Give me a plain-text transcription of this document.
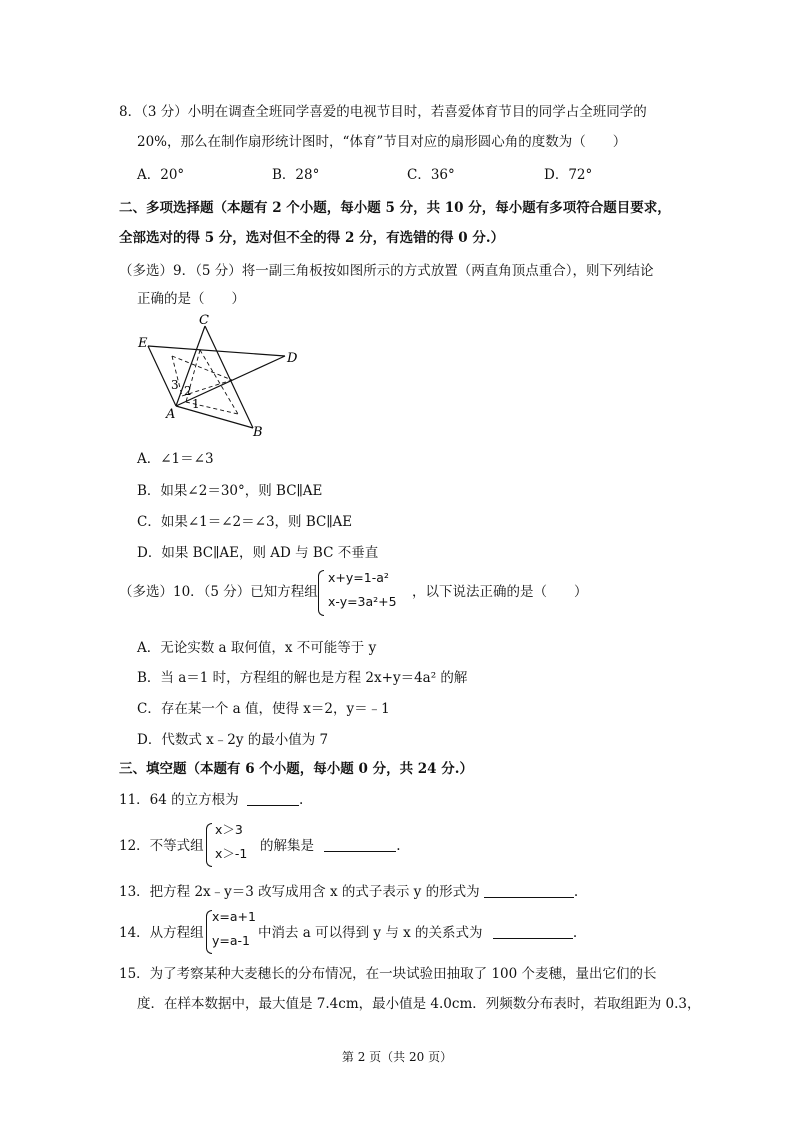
8．（3 分）小明在调查全班同学喜爱的电视节目时，若喜爱体育节目的同学占全班同学的
20%，那么在制作扇形统计图时，“体育”节目对应的扇形圆心角的度数为（　　）
A．20°	B．28°	C．36°	D．72°
二、多项选择题（本题有 2 个小题，每小题 5 分，共 10 分，每小题有多项符合题目要求，
全部选对的得 5 分，选对但不全的得 2 分，有选错的得 0 分.）
（多选）9．（5 分）将一副三角板按如图所示的方式放置（两直角顶点重合），则下列结论
正确的是（　　）
C
E
D
A
B
3 2
1
A．∠1＝∠3
B．如果∠2＝30°，则 BC∥AE
C．如果∠1＝∠2＝∠3，则 BC∥AE
D．如果 BC∥AE，则 AD 与 BC 不垂直
（多选）10．（5 分）已知方程组
x+y=1-a²
x-y=3a²+5
，以下说法正确的是（　　）
A．无论实数 a 取何值，x 不可能等于 y
B．当 a＝1 时，方程组的解也是方程 2x+y＝4a² 的解
C．存在某一个 a 值，使得 x＝2，y＝﹣1
D．代数式 x﹣2y 的最小值为 7
三、填空题（本题有 6 个小题，每小题 0 分，共 24 分.）
11．64 的立方根为	.
12．不等式组
x＞3
x＞-1 的解集是	.
13．把方程 2x﹣y＝3 改写成用含 x 的式子表示 y 的形式为	.
14．从方程组
x=a+1
y=a-1 中消去 a 可以得到 y 与 x 的关系式为	.
15．为了考察某种大麦穗长的分布情况，在一块试验田抽取了 100 个麦穗，量出它们的长
度．在样本数据中，最大值是 7.4cm，最小值是 4.0cm．列频数分布表时，若取组距为 0.3，
第 2 页（共 20 页）
